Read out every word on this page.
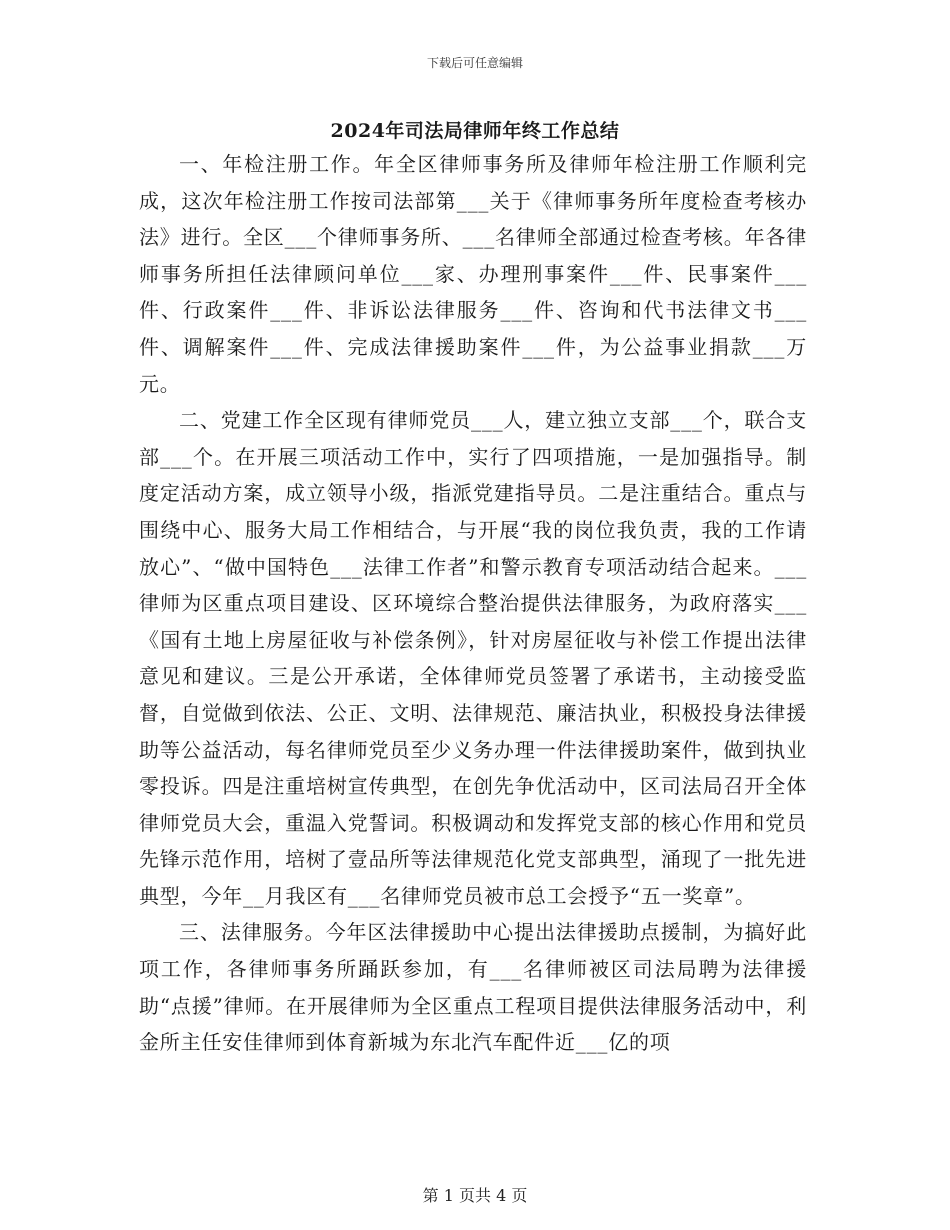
下载后可任意编辑
2024年司法局律师年终工作总结

一、年检注册工作。年全区律师事务所及律师年检注册工作顺利完成，这次年检注册工作按司法部第___关于《律师事务所年度检查考核办法》进行。全区___个律师事务所、___名律师全部通过检查考核。年各律师事务所担任法律顾问单位___家、办理刑事案件___件、民事案件___件、行政案件___件、非诉讼法律服务___件、咨询和代书法律文书___件、调解案件___件、完成法律援助案件___件，为公益事业捐款___万元。

二、党建工作全区现有律师党员___人，建立独立支部___个，联合支部___个。在开展三项活动工作中，实行了四项措施，一是加强指导。制度定活动方案，成立领导小级，指派党建指导员。二是注重结合。重点与围绕中心、服务大局工作相结合，与开展“我的岗位我负责，我的工作请放心”、“做中国特色___法律工作者”和警示教育专项活动结合起来。___律师为区重点项目建设、区环境综合整治提供法律服务，为政府落实___《国有土地上房屋征收与补偿条例》，针对房屋征收与补偿工作提出法律意见和建议。三是公开承诺，全体律师党员签署了承诺书，主动接受监督，自觉做到依法、公正、文明、法律规范、廉洁执业，积极投身法律援助等公益活动，每名律师党员至少义务办理一件法律援助案件，做到执业零投诉。四是注重培树宣传典型，在创先争优活动中，区司法局召开全体律师党员大会，重温入党誓词。积极调动和发挥党支部的核心作用和党员先锋示范作用，培树了壹品所等法律规范化党支部典型，涌现了一批先进典型，今年__月我区有___名律师党员被市总工会授予“五一奖章”。

三、法律服务。今年区法律援助中心提出法律援助点援制，为搞好此项工作，各律师事务所踊跃参加，有___名律师被区司法局聘为法律援助“点援”律师。在开展律师为全区重点工程项目提供法律服务活动中，利金所主任安佳律师到体育新城为东北汽车配件近___亿的项

第 1 页共 4 页
